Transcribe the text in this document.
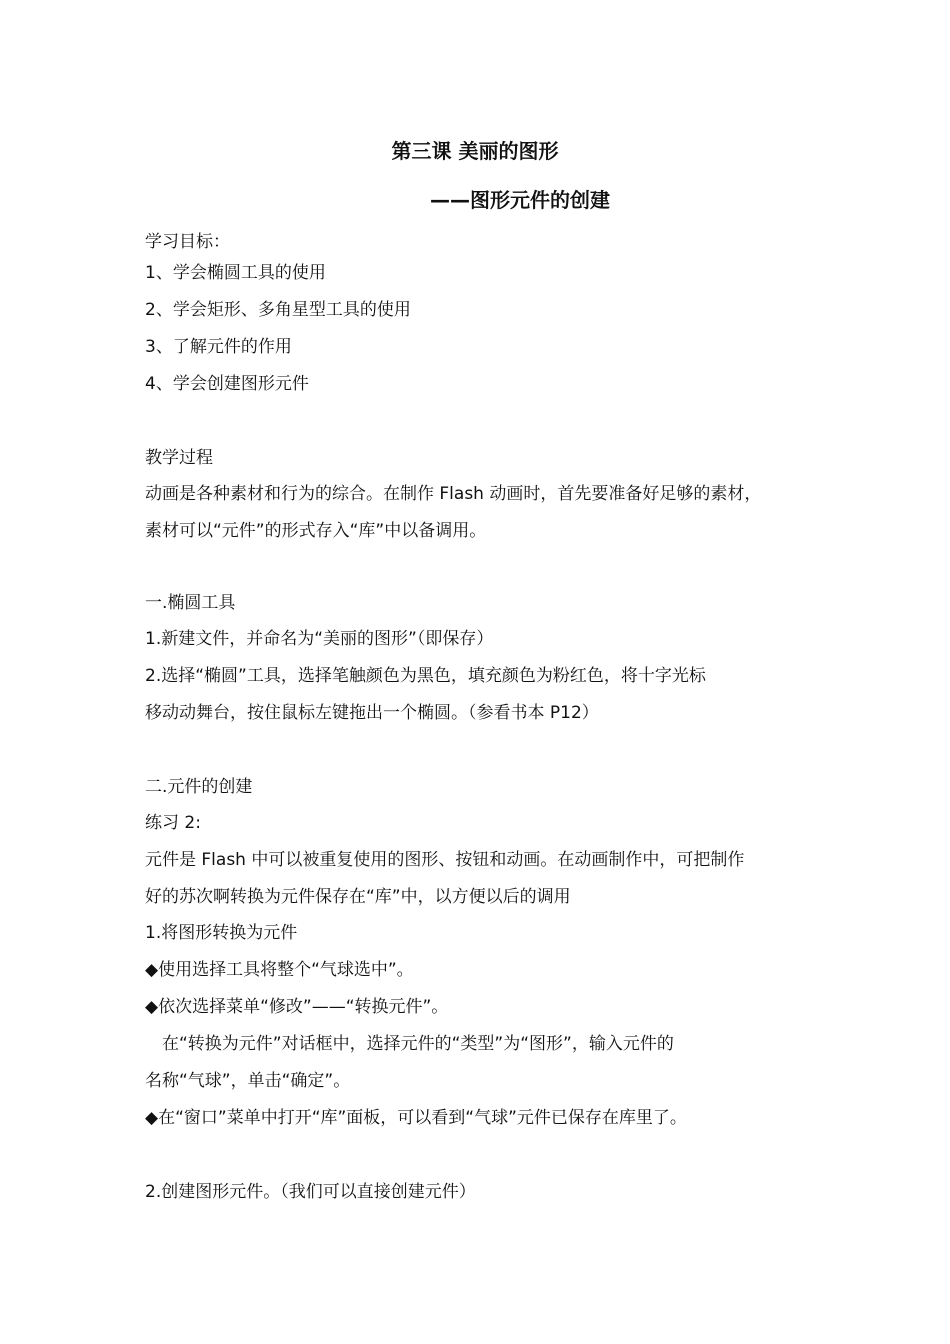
第三课 美丽的图形
——图形元件的创建
学习目标：
1、学会椭圆工具的使用
2、学会矩形、多角星型工具的使用
3、了解元件的作用
4、学会创建图形元件
教学过程
动画是各种素材和行为的综合。在制作 Flash 动画时，首先要准备好足够的素材，
素材可以“元件”的形式存入“库”中以备调用。
一.椭圆工具
1.新建文件，并命名为“美丽的图形”（即保存）
2.选择“椭圆”工具，选择笔触颜色为黑色，填充颜色为粉红色，将十字光标
移动动舞台，按住鼠标左键拖出一个椭圆。（参看书本 P12）
二.元件的创建
练习 2:
元件是 Flash 中可以被重复使用的图形、按钮和动画。在动画制作中，可把制作
好的苏次啊转换为元件保存在“库”中，以方便以后的调用
1.将图形转换为元件
◆使用选择工具将整个“气球选中”。
◆依次选择菜单“修改”——“转换元件”。
　在“转换为元件”对话框中，选择元件的“类型”为“图形”，输入元件的
名称“气球”，单击“确定”。
◆在“窗口”菜单中打开“库”面板，可以看到“气球”元件已保存在库里了。
2.创建图形元件。（我们可以直接创建元件）
